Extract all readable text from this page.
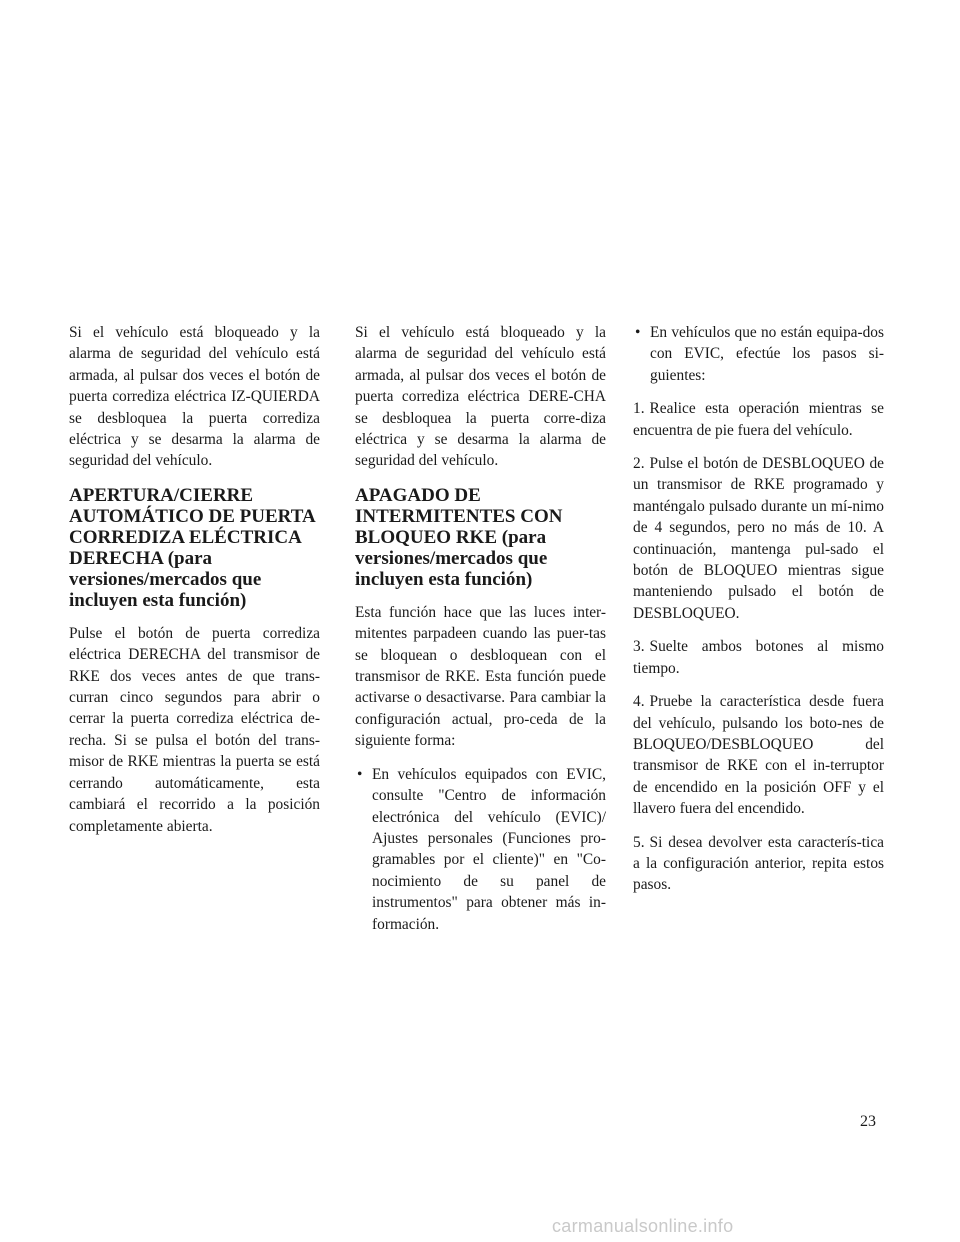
Si el vehículo está bloqueado y la alarma de seguridad del vehículo está armada, al pulsar dos veces el botón de puerta corrediza eléctrica IZ-QUIERDA se desbloquea la puerta corrediza eléctrica y se desarma la alarma de seguridad del vehículo.

APERTURA/CIERRE AUTOMÁTICO DE PUERTA CORREDIZA ELÉCTRICA DERECHA (para versiones/mercados que incluyen esta función)

Pulse el botón de puerta corrediza eléctrica DERECHA del transmisor de RKE dos veces antes de que trans-curran cinco segundos para abrir o cerrar la puerta corrediza eléctrica de-recha. Si se pulsa el botón del trans-misor de RKE mientras la puerta se está cerrando automáticamente, esta cambiará el recorrido a la posición completamente abierta.

Si el vehículo está bloqueado y la alarma de seguridad del vehículo está armada, al pulsar dos veces el botón de puerta corrediza eléctrica DERE-CHA se desbloquea la puerta corre-diza eléctrica y se desarma la alarma de seguridad del vehículo.

APAGADO DE INTERMITENTES CON BLOQUEO RKE (para versiones/mercados que incluyen esta función)

Esta función hace que las luces inter-mitentes parpadeen cuando las puer-tas se bloquean o desbloquean con el transmisor de RKE. Esta función puede activarse o desactivarse. Para cambiar la configuración actual, pro-ceda de la siguiente forma:

• En vehículos equipados con EVIC, consulte "Centro de información electrónica del vehículo (EVIC)/ Ajustes personales (Funciones pro-gramables por el cliente)" en "Co-nocimiento de su panel de instrumentos" para obtener más in-formación.
• En vehículos que no están equipa-dos con EVIC, efectúe los pasos si-guientes:

1. Realice esta operación mientras se encuentra de pie fuera del vehículo.

2. Pulse el botón de DESBLOQUEO de un transmisor de RKE programado y manténgalo pulsado durante un mí-nimo de 4 segundos, pero no más de 10. A continuación, mantenga pul-sado el botón de BLOQUEO mientras sigue manteniendo pulsado el botón de DESBLOQUEO.

3. Suelte ambos botones al mismo tiempo.

4. Pruebe la característica desde fuera del vehículo, pulsando los boto-nes de BLOQUEO/DESBLOQUEO del transmisor de RKE con el in-terruptor de encendido en la posición OFF y el llavero fuera del encendido.

5. Si desea devolver esta caracterís-tica a la configuración anterior, repita estos pasos.

23
carmanualsonline.info
